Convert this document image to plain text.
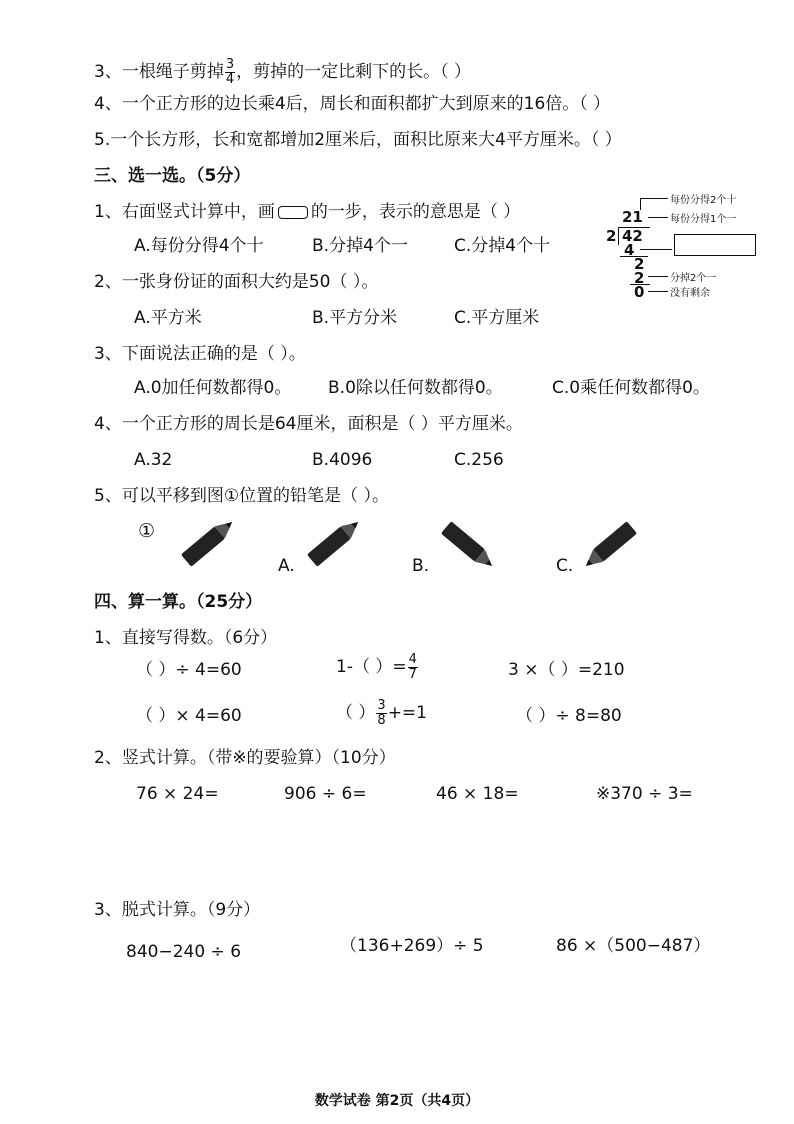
3、一根绳子剪掉 $\frac{3}{4}$ ，剪掉的一定比剩下的长。（ ）
4、一个正方形的边长乘4后，周长和面积都扩大到原来的16倍。（ ）
5.一个长方形，长和宽都增加2厘米后，面积比原来大4平方厘米。（ ）
三、选一选。（5分）
1、右面竖式计算中，画 的一步，表示的意思是（ ）
A.每份分得4个十	B.分掉4个一	C.分掉4个十
21
2 42
4
2
2
0
每份分得2个十
每份分得1个一
分掉2个一
没有剩余
2、一张身份证的面积大约是50（ ）。
A.平方米	B.平方分米	C.平方厘米
3、下面说法正确的是（ ）。
A.0加任何数都得0。 B.0除以任何数都得0。	C.0乘任何数都得0。
4、一个正方形的周长是64厘米，面积是（ ）平方厘米。
A.32	B.4096	C.256
5、可以平移到图①位置的铅笔是（ ）。
①
A.	B.	C.
四、算一算。（25分）
1、直接写得数。（6分）
（ ）÷ 4=60	1-（ ）= $\frac{4}{7}$	3 ×（ ）=210
（ ）× 4=60	（ ） $\frac{3}{8} +=1$	（ ）÷ 8=80
2、竖式计算。（带※的要验算）（10分）
76 × 24=	906 ÷ 6=	46 × 18=	※370 ÷ 3=
3、脱式计算。（9分）
840−240 ÷ 6	（136+269）÷ 5	86 ×（500−487）
数学试卷 第2页（共4页）
